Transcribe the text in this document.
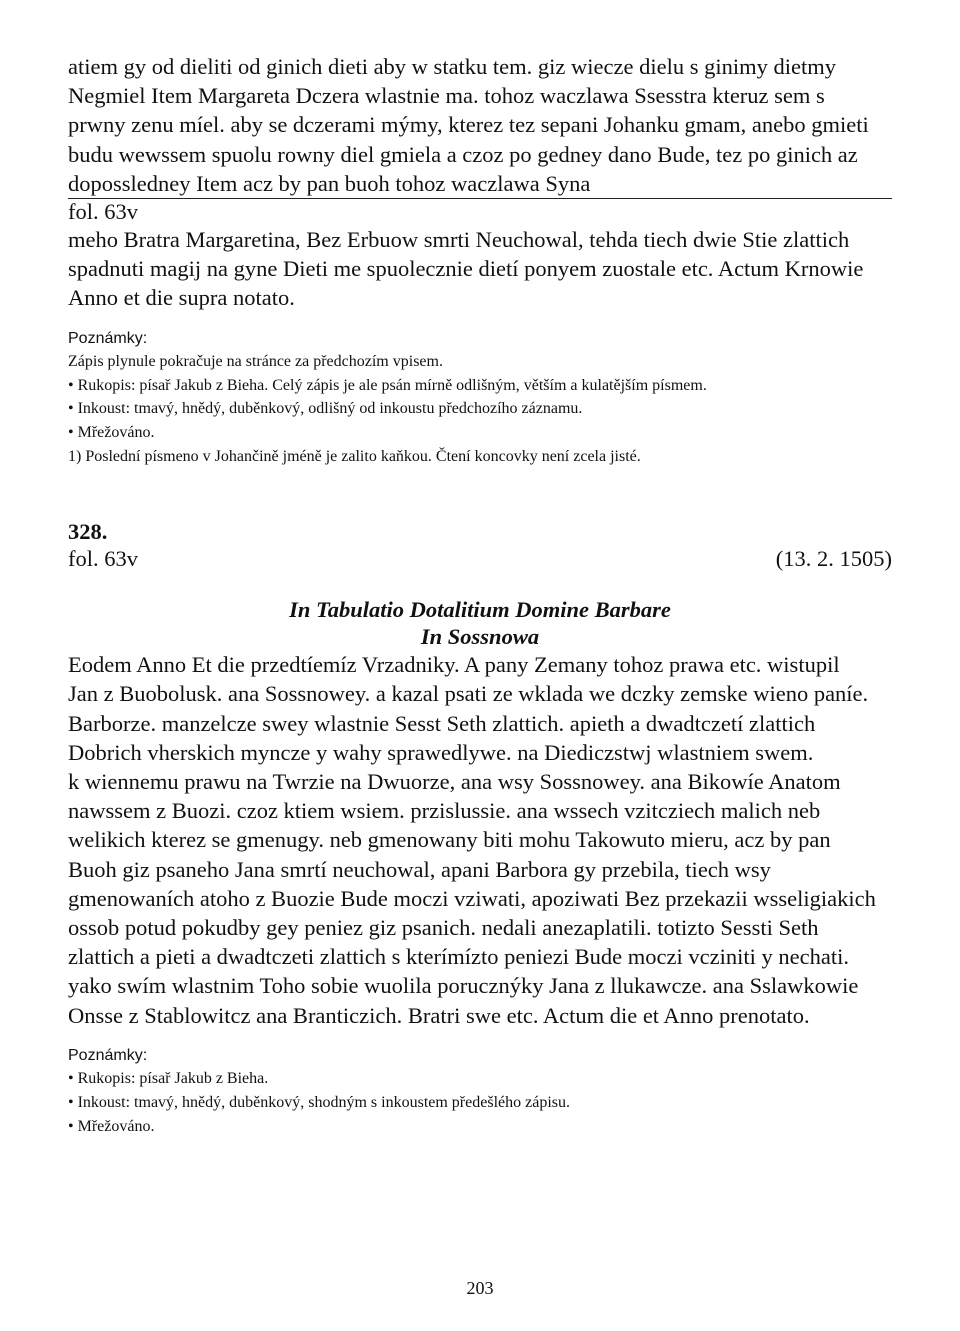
atiem gy od dieliti od ginich dieti aby w statku tem. giz wiecze dielu s ginimy dietmy

Negmiel Item Margareta Dczera wlastnie ma. tohoz waczlawa Ssesstra kteruz sem s

prwny zenu míel. aby se dczerami mýmy, kterez tez sepani Johanku gmam, anebo gmieti

budu wewssem spuolu rowny diel gmiela a czoz po gedney dano Bude, tez po ginich az

dopossledney Item acz by pan buoh tohoz waczlawa Syna

fol. 63v

meho Bratra Margaretina, Bez Erbuow smrti Neuchowal, tehda tiech dwie Stie zlattich

spadnuti magij na gyne Dieti me spuolecznie dietí ponyem zuostale etc. Actum Krnowie

Anno et die supra notato.

Poznámky:

Zápis plynule pokračuje na stránce za předchozím vpisem.

• Rukopis: písař Jakub z Bieha. Celý zápis je ale psán mírně odlišným, větším a kulatějším písmem.

• Inkoust: tmavý, hnědý, duběnkový, odlišný od inkoustu předchozího záznamu.

• Mřežováno.

1) Poslední písmeno v Johančině jméně je zalito kaňkou. Čtení koncovky není zcela jisté.

328.
fol. 63v	(13. 2. 1505)
In Tabulatio Dotalitium Domine Barbare
In Sossnowa

Eodem Anno Et die przedtíemíz Vrzadniky. A pany Zemany tohoz prawa etc. wistupil

Jan z Buobolusk. ana Sossnowey. a kazal psati ze wklada we dczky zemske wieno paníe.

Barborze. manzelcze swey wlastnie Sesst Seth zlattich. apieth a dwadtczetí zlattich

Dobrich vherskich myncze y wahy sprawedlywe. na Diediczstwj wlastniem swem.

k wiennemu prawu na Twrzie na Dwuorze, ana wsy Sossnowey. ana Bikowíe Anatom

nawssem z Buozi. czoz ktiem wsiem. przislussie. ana wssech vzitcziech malich neb

welikich kterez se gmenugy. neb gmenowany biti mohu Takowuto mieru, acz by pan

Buoh giz psaneho Jana smrtí neuchowal, apani Barbora gy przebila, tiech wsy

gmenowaních atoho z Buozie Bude moczi vziwati, apoziwati Bez przekazii wsseligiakich

ossob potud pokudby gey peniez giz psanich. nedali anezaplatili. totizto Sessti Seth

zlattich a pieti a dwadtczeti zlattich s kterímízto peniezi Bude moczi vcziniti y nechati.

yako swím wlastnim Toho sobie wuolila porucznýky Jana z llukawcze. ana Sslawkowie

Onsse z Stablowitcz ana Branticzich. Bratri swe etc. Actum die et Anno prenotato.

Poznámky:

• Rukopis: písař Jakub z Bieha.

• Inkoust: tmavý, hnědý, duběnkový, shodným s inkoustem předešlého zápisu.

• Mřežováno.

203
